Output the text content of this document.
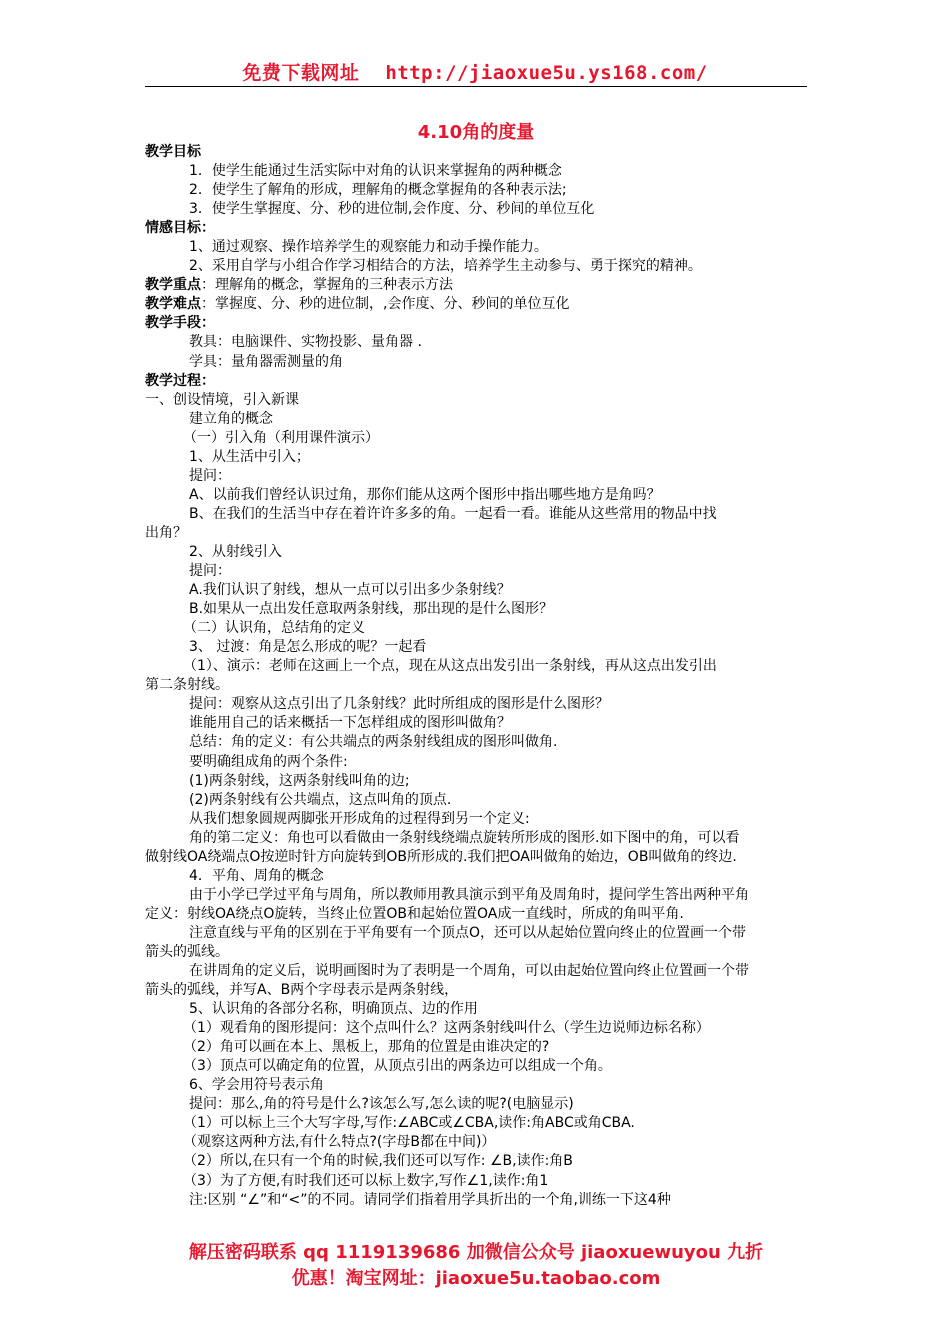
免费下载网址 http://jiaoxue5u.ys168.com/
4.10角的度量
教学目标
1．使学生能通过生活实际中对角的认识来掌握角的两种概念
2．使学生了解角的形成，理解角的概念掌握角的各种表示法;
3．使学生掌握度、分、秒的进位制,会作度、分、秒间的单位互化
情感目标：
1、通过观察、操作培养学生的观察能力和动手操作能力。
2、采用自学与小组合作学习相结合的方法，培养学生主动参与、勇于探究的精神。
教学重点：理解角的概念，掌握角的三种表示方法
教学难点：掌握度、分、秒的进位制，,会作度、分、秒间的单位互化
教学手段：
教具：电脑课件、实物投影、量角器 .
学具：量角器需测量的角
教学过程：
一、创设情境，引入新课
建立角的概念
（一）引入角（利用课件演示）
1、从生活中引入；
提问：
A、以前我们曾经认识过角，那你们能从这两个图形中指出哪些地方是角吗？
B、在我们的生活当中存在着许许多多的角。一起看一看。谁能从这些常用的物品中找
出角？
2、从射线引入
提问：
A.我们认识了射线，想从一点可以引出多少条射线？
B.如果从一点出发任意取两条射线，那出现的是什么图形？
（二）认识角，总结角的定义
3、 过渡：角是怎么形成的呢？一起看
（1）、演示：老师在这画上一个点，现在从这点出发引出一条射线，再从这点出发引出
第二条射线。
提问：观察从这点引出了几条射线？此时所组成的图形是什么图形？
谁能用自己的话来概括一下怎样组成的图形叫做角？
总结：角的定义：有公共端点的两条射线组成的图形叫做角.
要明确组成角的两个条件:
(1)两条射线，这两条射线叫角的边;
(2)两条射线有公共端点，这点叫角的顶点.
从我们想象圆规两脚张开形成角的过程得到另一个定义:
角的第二定义：角也可以看做由一条射线绕端点旋转所形成的图形.如下图中的角，可以看
做射线OA绕端点O按逆时针方向旋转到OB所形成的.我们把OA叫做角的始边，OB叫做角的终边.
4．平角、周角的概念
由于小学已学过平角与周角，所以教师用教具演示到平角及周角时，提问学生答出两种平角
定义：射线OA绕点O旋转，当终止位置OB和起始位置OA成一直线时，所成的角叫平角.
注意直线与平角的区别在于平角要有一个顶点O，还可以从起始位置向终止的位置画一个带
箭头的弧线。
在讲周角的定义后，说明画图时为了表明是一个周角，可以由起始位置向终止位置画一个带
箭头的弧线，并写A、B两个字母表示是两条射线，
5、认识角的各部分名称，明确顶点、边的作用
（1）观看角的图形提问：这个点叫什么？这两条射线叫什么（学生边说师边标名称）
（2）角可以画在本上、黑板上，那角的位置是由谁决定的?
（3）顶点可以确定角的位置，从顶点引出的两条边可以组成一个角。
6、学会用符号表示角
提问：那么,角的符号是什么?该怎么写,怎么读的呢?(电脑显示)
（1）可以标上三个大写字母,写作:∠ABC或∠CBA,读作:角ABC或角CBA.
（观察这两种方法,有什么特点?(字母B都在中间)）
（2）所以,在只有一个角的时候,我们还可以写作: ∠B,读作:角B
（3）为了方便,有时我们还可以标上数字,写作∠1,读作:角1
注:区别 “∠”和“<”的不同。请同学们指着用学具折出的一个角,训练一下这4种
解压密码联系 qq 1119139686 加微信公众号 jiaoxuewuyou 九折
优惠！淘宝网址：jiaoxue5u.taobao.com
